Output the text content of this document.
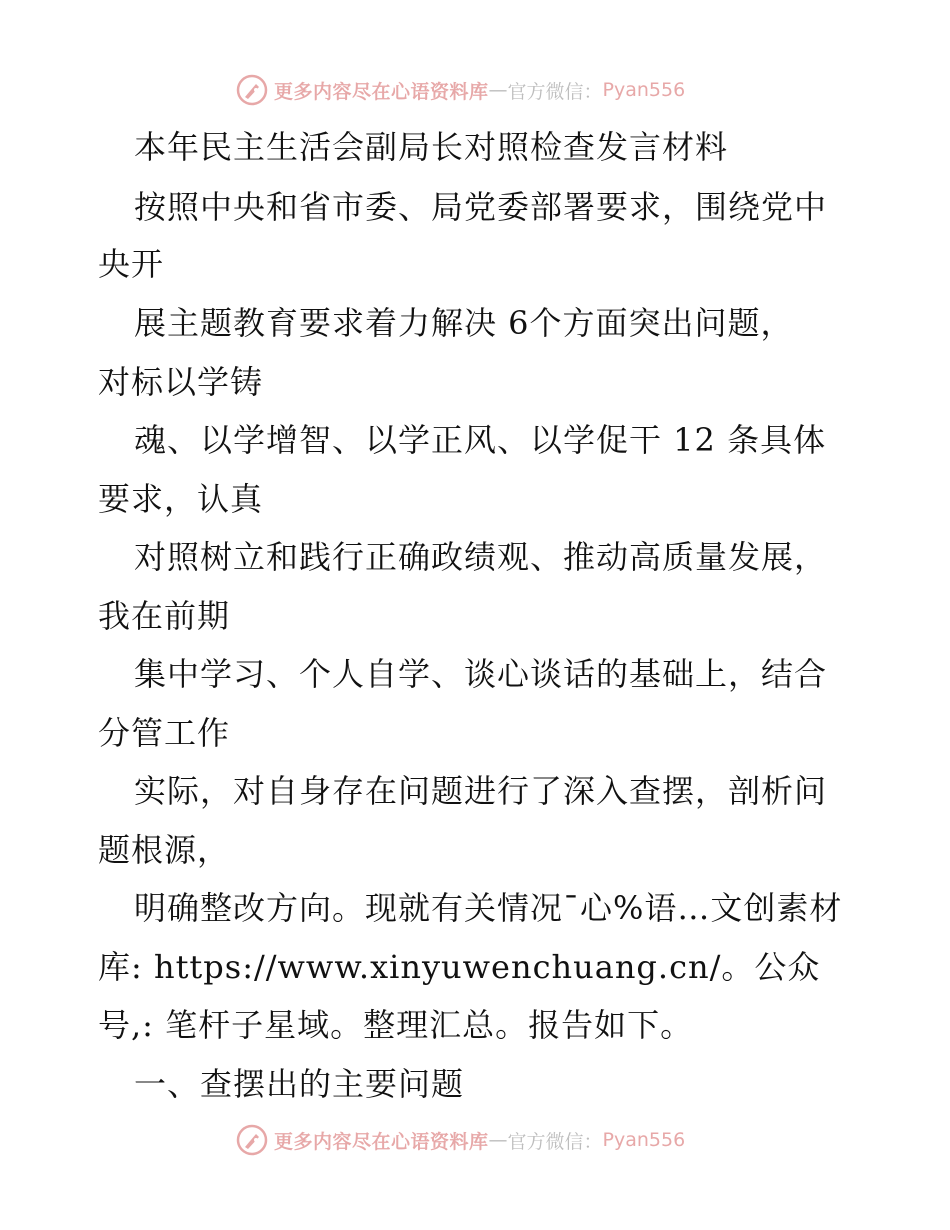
更多内容尽在心语资料库 — 官方微信： Pyan556
本年民主生活会副局长对照检查发言材料
按照中央和省市委、局党委部署要求，围绕党中
央开
展主题教育要求着力解决 6个方面突出问题，
对标以学铸
魂、以学增智、以学正风、以学促干 12 条具体
要求，认真
对照树立和践行正确政绩观、推动高质量发展，
我在前期
集中学习、个人自学、谈心谈话的基础上，结合
分管工作
实际，对自身存在问题进行了深入查摆，剖析问
题根源，
明确整改方向。现就有关情况¯心%语…文创素材
库: https://www.xinyuwenchuang.cn/。公众
号,: 笔杆子星域。整理汇总。报告如下。
一、查摆出的主要问题
更多内容尽在心语资料库 — 官方微信： Pyan556
